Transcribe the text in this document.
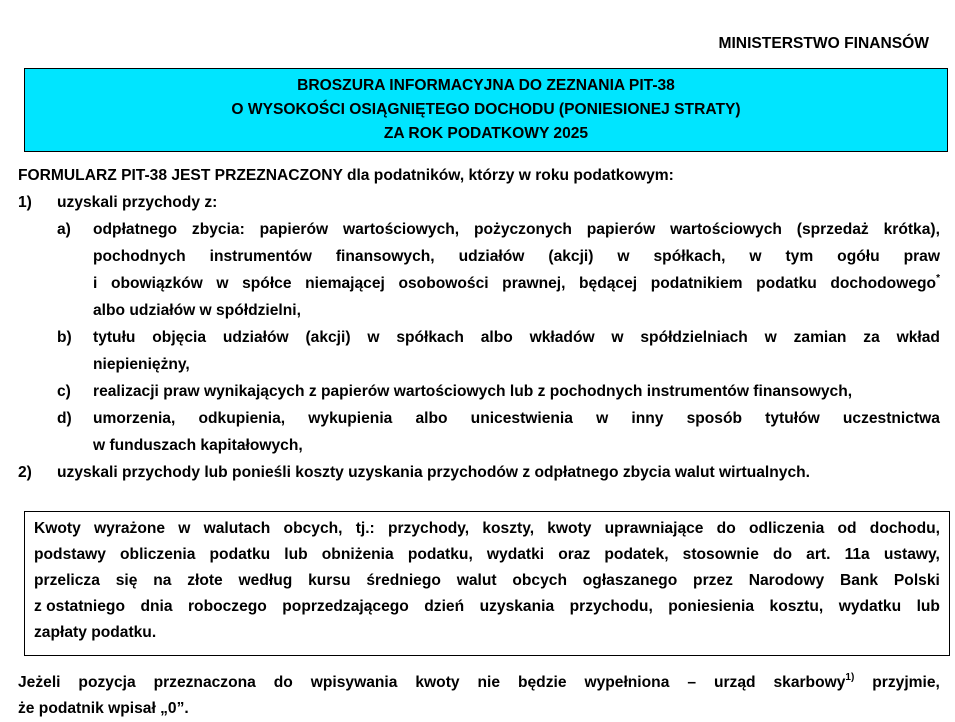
MINISTERSTWO FINANSÓW
BROSZURA INFORMACYJNA DO ZEZNANIA PIT-38
O WYSOKOŚCI OSIĄGNIĘTEGO DOCHODU (PONIESIONEJ STRATY)
ZA ROK PODATKOWY 2025
FORMULARZ PIT-38 JEST PRZEZNACZONY dla podatników, którzy w roku podatkowym:
1)	uzyskali przychody z:
a)	odpłatnego zbycia: papierów wartościowych, pożyczonych papierów wartościowych (sprzedaż krótka),
pochodnych instrumentów finansowych, udziałów (akcji) w spółkach, w tym ogółu praw
i obowiązków w spółce niemającej osobowości prawnej, będącej podatnikiem podatku dochodowego*
albo udziałów w spółdzielni,
b)	tytułu objęcia udziałów (akcji) w spółkach albo wkładów w spółdzielniach w zamian za wkład
niepieniężny,
c)	realizacji praw wynikających z papierów wartościowych lub z pochodnych instrumentów finansowych,
d)	umorzenia, odkupienia, wykupienia albo unicestwienia w inny sposób tytułów uczestnictwa
w funduszach kapitałowych,
2)	uzyskali przychody lub ponieśli koszty uzyskania przychodów z odpłatnego zbycia walut wirtualnych.
Kwoty wyrażone w walutach obcych, tj.: przychody, koszty, kwoty uprawniające do odliczenia od dochodu,
podstawy obliczenia podatku lub obniżenia podatku, wydatki oraz podatek, stosownie do art. 11a ustawy,
przelicza się na złote według kursu średniego walut obcych ogłaszanego przez Narodowy Bank Polski
z ostatniego dnia roboczego poprzedzającego dzień uzyskania przychodu, poniesienia kosztu, wydatku lub
zapłaty podatku.
Jeżeli pozycja przeznaczona do wpisywania kwoty nie będzie wypełniona – urząd skarbowy$^{1)}$ przyjmie,
że podatnik wpisał „0”.
